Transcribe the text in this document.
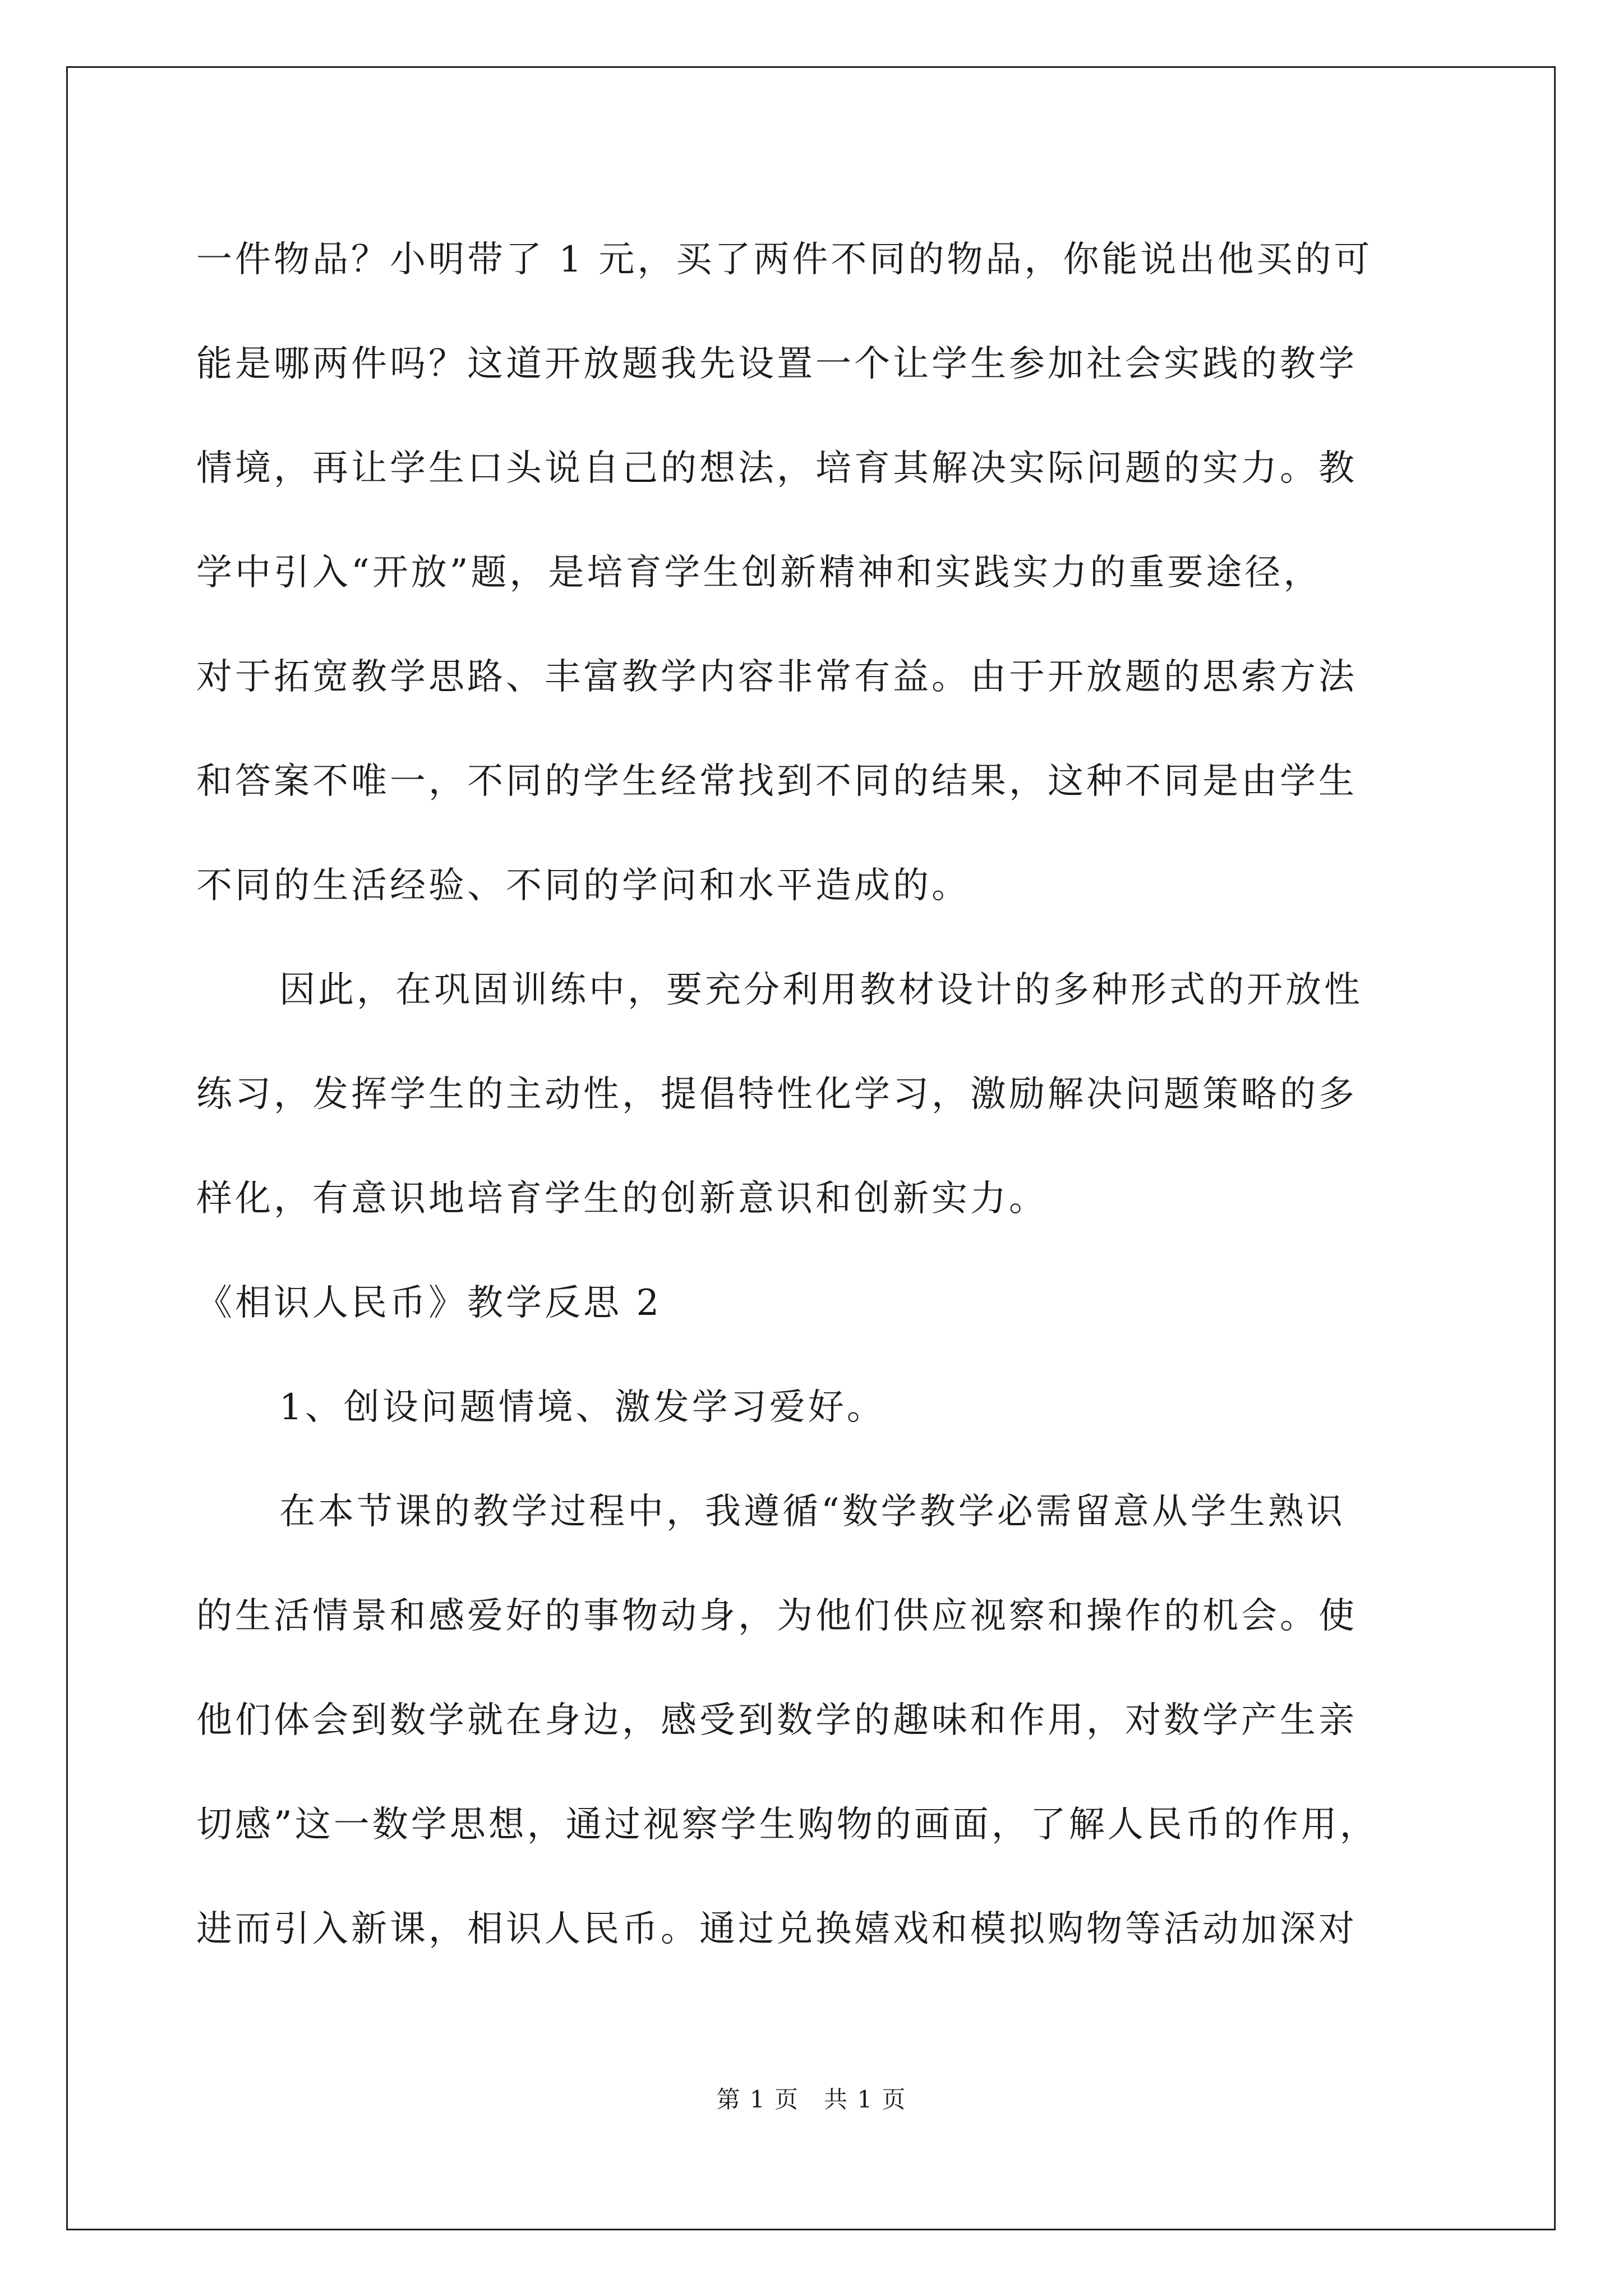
一件物品？小明带了 1 元，买了两件不同的物品，你能说出他买的可
能是哪两件吗？这道开放题我先设置一个让学生参加社会实践的教学
情境，再让学生口头说自己的想法，培育其解决实际问题的实力。教
学中引入“开放”题，是培育学生创新精神和实践实力的重要途径，
对于拓宽教学思路、丰富教学内容非常有益。由于开放题的思索方法
和答案不唯一，不同的学生经常找到不同的结果，这种不同是由学生
不同的生活经验、不同的学问和水平造成的。
因此，在巩固训练中，要充分利用教材设计的多种形式的开放性
练习，发挥学生的主动性，提倡特性化学习，激励解决问题策略的多
样化，有意识地培育学生的创新意识和创新实力。
《相识人民币》教学反思 2
1、创设问题情境、激发学习爱好。
在本节课的教学过程中，我遵循“数学教学必需留意从学生熟识
的生活情景和感爱好的事物动身，为他们供应视察和操作的机会。使
他们体会到数学就在身边，感受到数学的趣味和作用，对数学产生亲
切感”这一数学思想，通过视察学生购物的画面，了解人民币的作用，
进而引入新课，相识人民币。通过兑换嬉戏和模拟购物等活动加深对
第 1 页　共 1 页
